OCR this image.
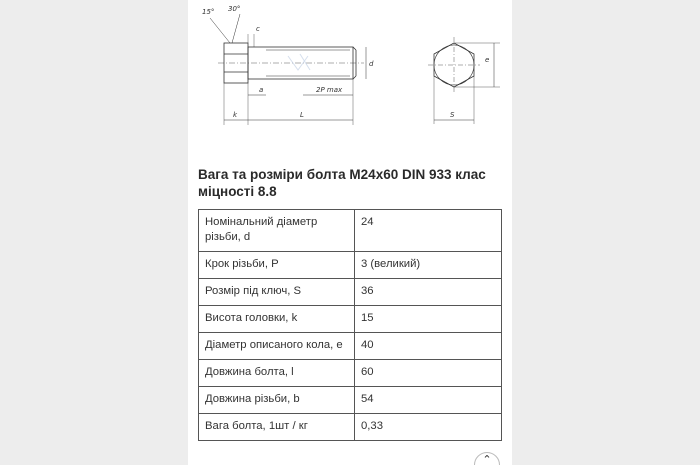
15° 30°
c
d
a	2P max
k	L
e
S
Вага та розміри болта М24х60 DIN 933 клас міцності 8.8
Номінальний діаметр різьби, d	24
Крок різьби, P	3 (великий)
Розмір під ключ, S	36
Висота головки, k	15
Діаметр описаного кола, e	40
Довжина болта, l	60
Довжина різьби, b	54
Вага болта, 1шт / кг	0,33
⌃
